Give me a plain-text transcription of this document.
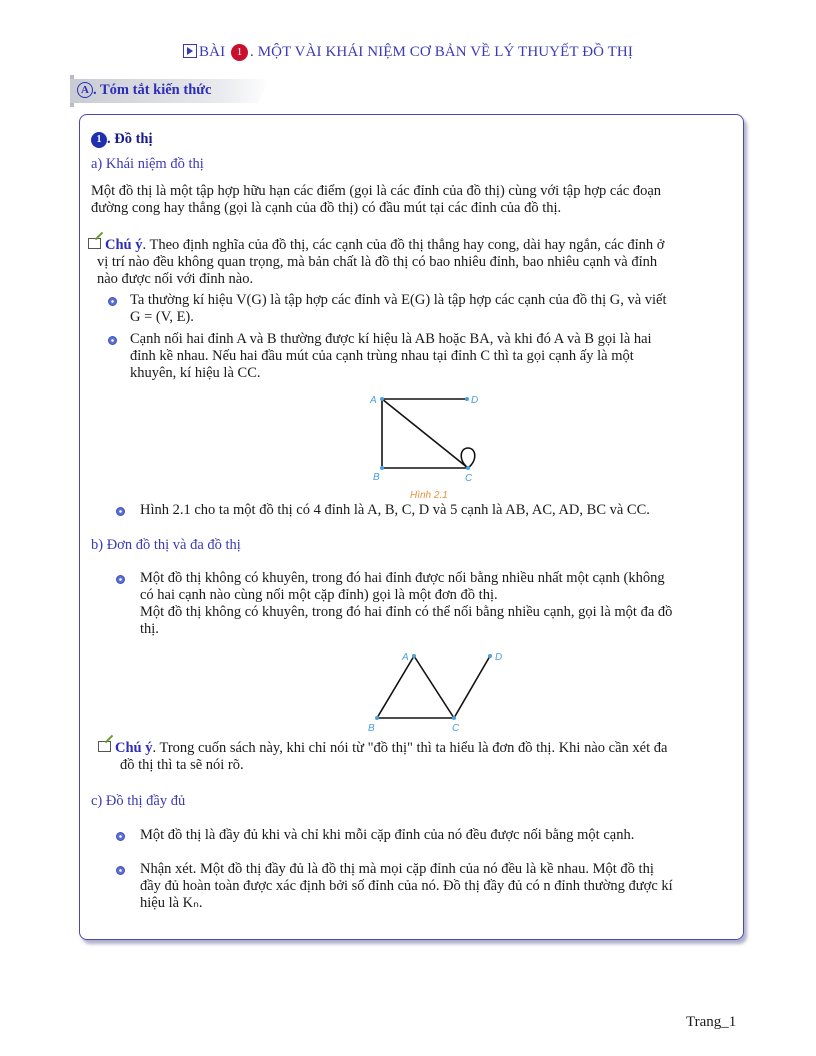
BÀI 1 . MỘT VÀI KHÁI NIỆM CƠ BẢN VỀ LÝ THUYẾT ĐỒ THỊ
A . Tóm tắt kiến thức
1 . Đồ thị
a) Khái niệm đồ thị
Một đồ thị là một tập hợp hữu hạn các điểm (gọi là các đỉnh của đồ thị) cùng với tập hợp các đoạn
đường cong hay thẳng (gọi là cạnh của đồ thị) có đầu mút tại các đỉnh của đồ thị.
Chú ý. Theo định nghĩa của đồ thị, các cạnh của đồ thị thẳng hay cong, dài hay ngắn, các đỉnh ở
vị trí nào đều không quan trọng, mà bản chất là đồ thị có bao nhiêu đỉnh, bao nhiêu cạnh và đỉnh
nào được nối với đỉnh nào.
Ta thường kí hiệu V(G) là tập hợp các đỉnh và E(G) là tập hợp các cạnh của đồ thị G, và viết
G = (V, E).
Cạnh nối hai đỉnh A và B thường được kí hiệu là AB hoặc BA, và khi đó A và B gọi là hai
đỉnh kề nhau. Nếu hai đầu mút của cạnh trùng nhau tại đỉnh C thì ta gọi cạnh ấy là một
khuyên, kí hiệu là CC.
A	D
B	C
Hình 2.1
Hình 2.1 cho ta một đồ thị có 4 đỉnh là A, B, C, D và 5 cạnh là AB, AC, AD, BC và CC.
b) Đơn đồ thị và đa đồ thị
Một đồ thị không có khuyên, trong đó hai đỉnh được nối bằng nhiều nhất một cạnh (không
có hai cạnh nào cùng nối một cặp đỉnh) gọi là một đơn đồ thị.
Một đồ thị không có khuyên, trong đó hai đỉnh có thể nối bằng nhiều cạnh, gọi là một đa đồ
thị.
A	D
B	C
Chú ý. Trong cuốn sách này, khi chỉ nói từ "đồ thị" thì ta hiểu là đơn đồ thị. Khi nào cần xét đa
đồ thị thì ta sẽ nói rõ.
c) Đồ thị đầy đủ
Một đồ thị là đầy đủ khi và chỉ khi mỗi cặp đỉnh của nó đều được nối bằng một cạnh.
Nhận xét. Một đồ thị đầy đủ là đồ thị mà mọi cặp đỉnh của nó đều là kề nhau. Một đồ thị
đầy đủ hoàn toàn được xác định bởi số đỉnh của nó. Đồ thị đầy đủ có n đỉnh thường được kí
hiệu là Kₙ.
Trang_1
